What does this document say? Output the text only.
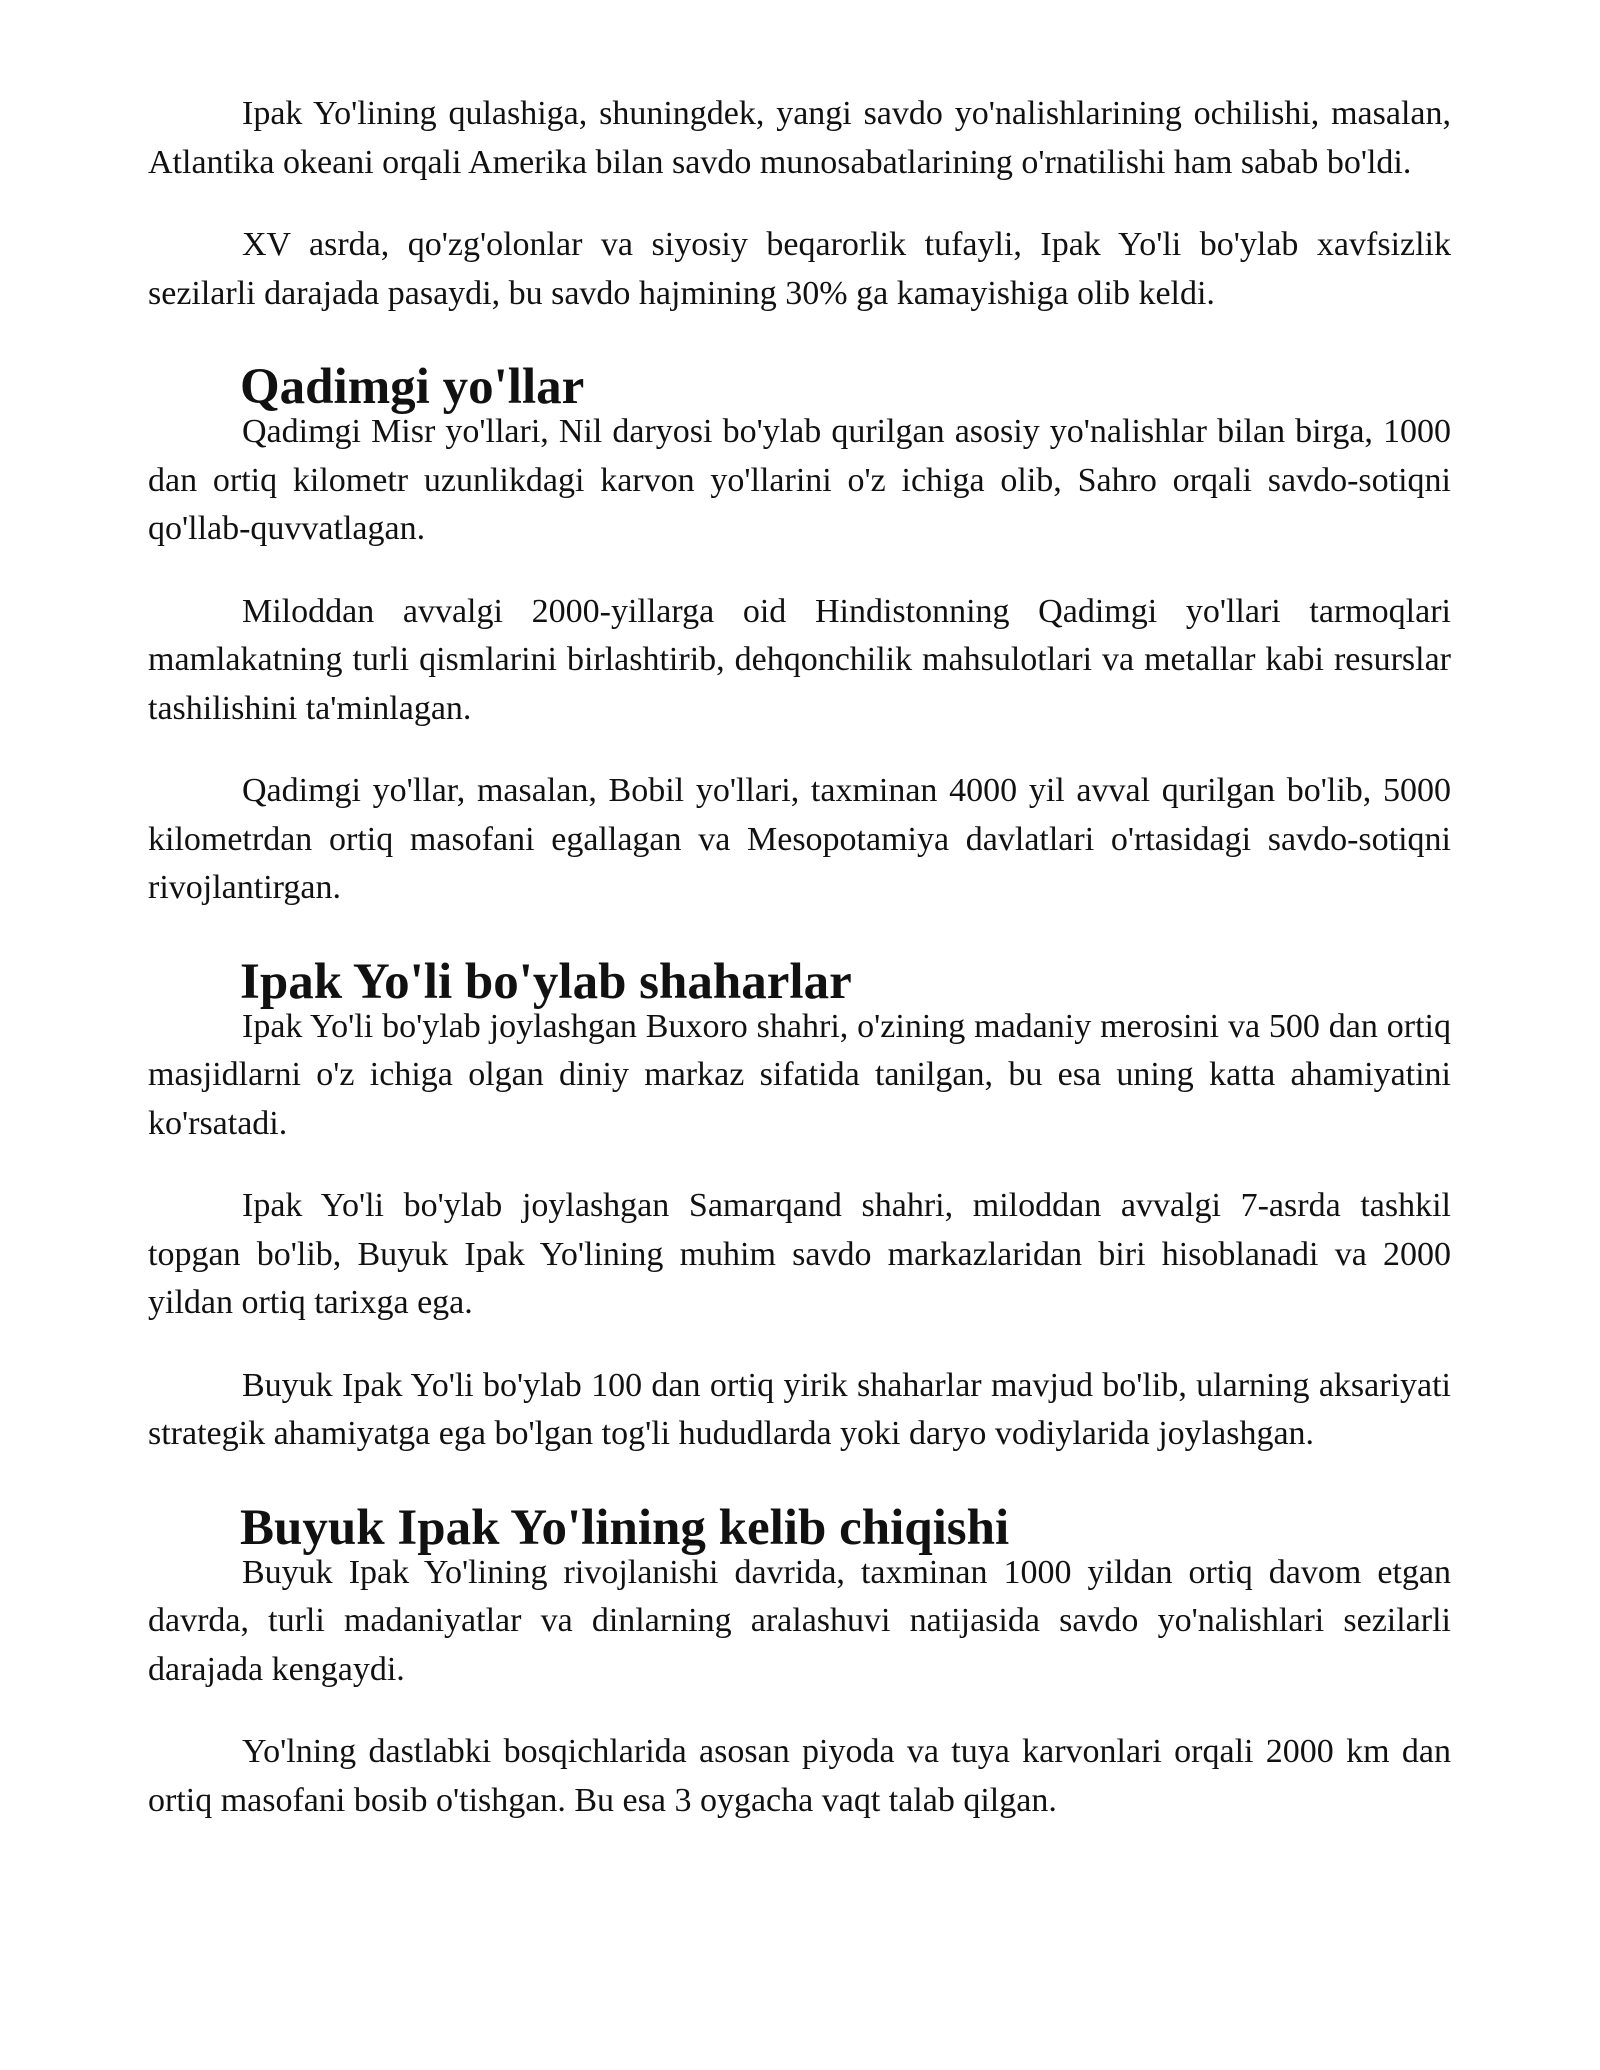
Ipak Yo'lining qulashiga, shuningdek, yangi savdo yo'nalishlarining ochilishi, masalan, Atlantika okeani orqali Amerika bilan savdo munosabatlarining o'rnatilishi ham sabab bo'ldi.

XV asrda, qo'zg'olonlar va siyosiy beqarorlik tufayli, Ipak Yo'li bo'ylab xavfsizlik sezilarli darajada pasaydi, bu savdo hajmining 30% ga kamayishiga olib keldi.

Qadimgi yo'llar

Qadimgi Misr yo'llari, Nil daryosi bo'ylab qurilgan asosiy yo'nalishlar bilan birga, 1000 dan ortiq kilometr uzunlikdagi karvon yo'llarini o'z ichiga olib, Sahro orqali savdo-sotiqni qo'llab-quvvatlagan.

Miloddan avvalgi 2000-yillarga oid Hindistonning Qadimgi yo'llari tarmoqlari mamlakatning turli qismlarini birlashtirib, dehqonchilik mahsulotlari va metallar kabi resurslar tashilishini ta'minlagan.

Qadimgi yo'llar, masalan, Bobil yo'llari, taxminan 4000 yil avval qurilgan bo'lib, 5000 kilometrdan ortiq masofani egallagan va Mesopotamiya davlatlari o'rtasidagi savdo-sotiqni rivojlantirgan.

Ipak Yo'li bo'ylab shaharlar

Ipak Yo'li bo'ylab joylashgan Buxoro shahri, o'zining madaniy merosini va 500 dan ortiq masjidlarni o'z ichiga olgan diniy markaz sifatida tanilgan, bu esa uning katta ahamiyatini ko'rsatadi.

Ipak Yo'li bo'ylab joylashgan Samarqand shahri, miloddan avvalgi 7-asrda tashkil topgan bo'lib, Buyuk Ipak Yo'lining muhim savdo markazlaridan biri hisoblanadi va 2000 yildan ortiq tarixga ega.

Buyuk Ipak Yo'li bo'ylab 100 dan ortiq yirik shaharlar mavjud bo'lib, ularning aksariyati strategik ahamiyatga ega bo'lgan tog'li hududlarda yoki daryo vodiylarida joylashgan.

Buyuk Ipak Yo'lining kelib chiqishi

Buyuk Ipak Yo'lining rivojlanishi davrida, taxminan 1000 yildan ortiq davom etgan davrda, turli madaniyatlar va dinlarning aralashuvi natijasida savdo yo'nalishlari sezilarli darajada kengaydi.

Yo'lning dastlabki bosqichlarida asosan piyoda va tuya karvonlari orqali 2000 km dan ortiq masofani bosib o'tishgan. Bu esa 3 oygacha vaqt talab qilgan.
